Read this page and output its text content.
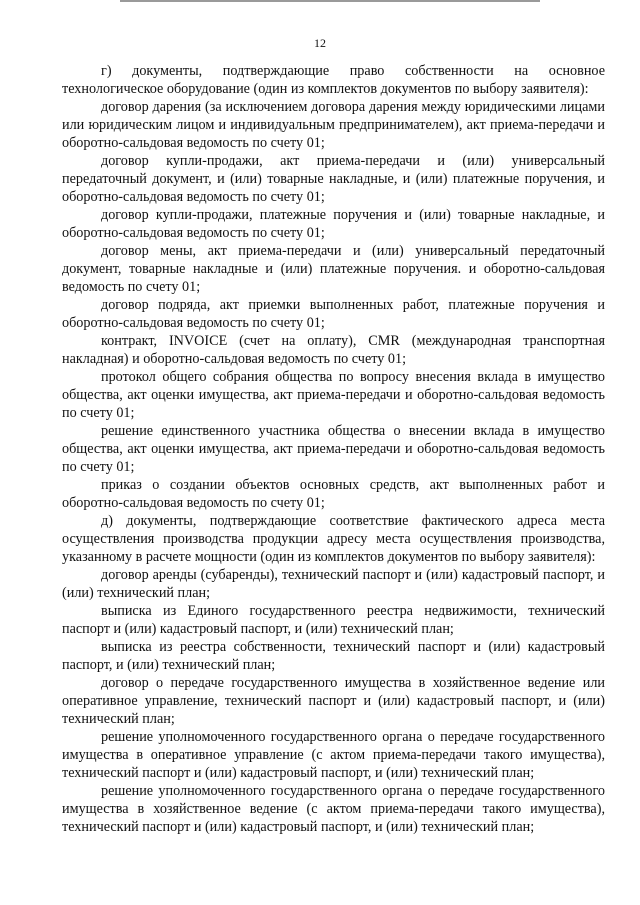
12

г) документы, подтверждающие право собственности на основное технологическое оборудование (один из комплектов документов по выбору заявителя):

договор дарения (за исключением договора дарения между юридическими лицами или юридическим лицом и индивидуальным предпринимателем), акт приема-передачи и оборотно-сальдовая ведомость по счету 01;

договор купли-продажи, акт приема-передачи и (или) универсальный передаточный документ, и (или) товарные накладные, и (или) платежные поручения, и оборотно-сальдовая ведомость по счету 01;

договор купли-продажи, платежные поручения и (или) товарные накладные, и оборотно-сальдовая ведомость по счету 01;

договор мены, акт приема-передачи и (или) универсальный передаточный документ, товарные накладные и (или) платежные поручения. и оборотно-сальдовая ведомость по счету 01;

договор подряда, акт приемки выполненных работ, платежные поручения и оборотно-сальдовая ведомость по счету 01;

контракт, INVOICE (счет на оплату), CMR (международная транспортная накладная) и оборотно-сальдовая ведомость по счету 01;

протокол общего собрания общества по вопросу внесения вклада в имущество общества, акт оценки имущества, акт приема-передачи и оборотно-сальдовая ведомость по счету 01;

решение единственного участника общества о внесении вклада в имущество общества, акт оценки имущества, акт приема-передачи и оборотно-сальдовая ведомость по счету 01;

приказ о создании объектов основных средств, акт выполненных работ и оборотно-сальдовая ведомость по счету 01;

д) документы, подтверждающие соответствие фактического адреса места осуществления производства продукции адресу места осуществления производства, указанному в расчете мощности (один из комплектов документов по выбору заявителя):

договор аренды (субаренды), технический паспорт и (или) кадастровый паспорт, и (или) технический план;

выписка из Единого государственного реестра недвижимости, технический паспорт и (или) кадастровый паспорт, и (или) технический план;

выписка из реестра собственности, технический паспорт и (или) кадастровый паспорт, и (или) технический план;

договор о передаче государственного имущества в хозяйственное ведение или оперативное управление, технический паспорт и (или) кадастровый паспорт, и (или) технический план;

решение уполномоченного государственного органа о передаче государственного имущества в оперативное управление (с актом приема-передачи такого имущества), технический паспорт и (или) кадастровый паспорт, и (или) технический план;

решение уполномоченного государственного органа о передаче государственного имущества в хозяйственное ведение (с актом приема-передачи такого имущества), технический паспорт и (или) кадастровый паспорт, и (или) технический план;
